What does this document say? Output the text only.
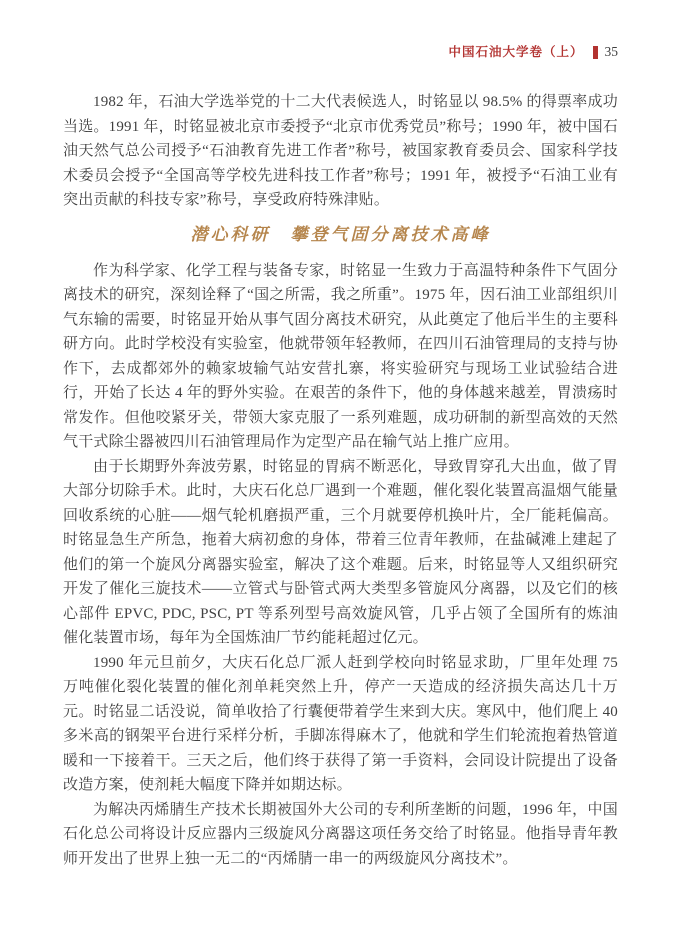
中国石油大学卷（上） 35

1982 年，石油大学选举党的十二大代表候选人，时铭显以 98.5% 的得票率成功当选。1991 年，时铭显被北京市委授予“北京市优秀党员”称号；1990 年，被中国石油天然气总公司授予“石油教育先进工作者”称号，被国家教育委员会、国家科学技术委员会授予“全国高等学校先进科技工作者”称号；1991 年，被授予“石油工业有突出贡献的科技专家”称号，享受政府特殊津贴。

潜心科研　攀登气固分离技术高峰

作为科学家、化学工程与装备专家，时铭显一生致力于高温特种条件下气固分离技术的研究，深刻诠释了“国之所需，我之所重”。1975 年，因石油工业部组织川气东输的需要，时铭显开始从事气固分离技术研究，从此奠定了他后半生的主要科研方向。此时学校没有实验室，他就带领年轻教师，在四川石油管理局的支持与协作下，去成都郊外的赖家坡输气站安营扎寨，将实验研究与现场工业试验结合进行，开始了长达 4 年的野外实验。在艰苦的条件下，他的身体越来越差，胃溃疡时常发作。但他咬紧牙关，带领大家克服了一系列难题，成功研制的新型高效的天然气干式除尘器被四川石油管理局作为定型产品在输气站上推广应用。

由于长期野外奔波劳累，时铭显的胃病不断恶化，导致胃穿孔大出血，做了胃大部分切除手术。此时，大庆石化总厂遇到一个难题，催化裂化装置高温烟气能量回收系统的心脏——烟气轮机磨损严重，三个月就要停机换叶片，全厂能耗偏高。时铭显急生产所急，拖着大病初愈的身体，带着三位青年教师，在盐碱滩上建起了他们的第一个旋风分离器实验室，解决了这个难题。后来，时铭显等人又组织研究开发了催化三旋技术——立管式与卧管式两大类型多管旋风分离器，以及它们的核心部件 EPVC, PDC, PSC, PT 等系列型号高效旋风管，几乎占领了全国所有的炼油催化装置市场，每年为全国炼油厂节约能耗超过亿元。

1990 年元旦前夕，大庆石化总厂派人赶到学校向时铭显求助，厂里年处理 75 万吨催化裂化装置的催化剂单耗突然上升，停产一天造成的经济损失高达几十万元。时铭显二话没说，简单收拾了行囊便带着学生来到大庆。寒风中，他们爬上 40 多米高的钢架平台进行采样分析，手脚冻得麻木了，他就和学生们轮流抱着热管道暖和一下接着干。三天之后，他们终于获得了第一手资料，会同设计院提出了设备改造方案，使剂耗大幅度下降并如期达标。

为解决丙烯腈生产技术长期被国外大公司的专利所垄断的问题，1996 年，中国石化总公司将设计反应器内三级旋风分离器这项任务交给了时铭显。他指导青年教师开发出了世界上独一无二的“丙烯腈一串一的两级旋风分离技术”。
